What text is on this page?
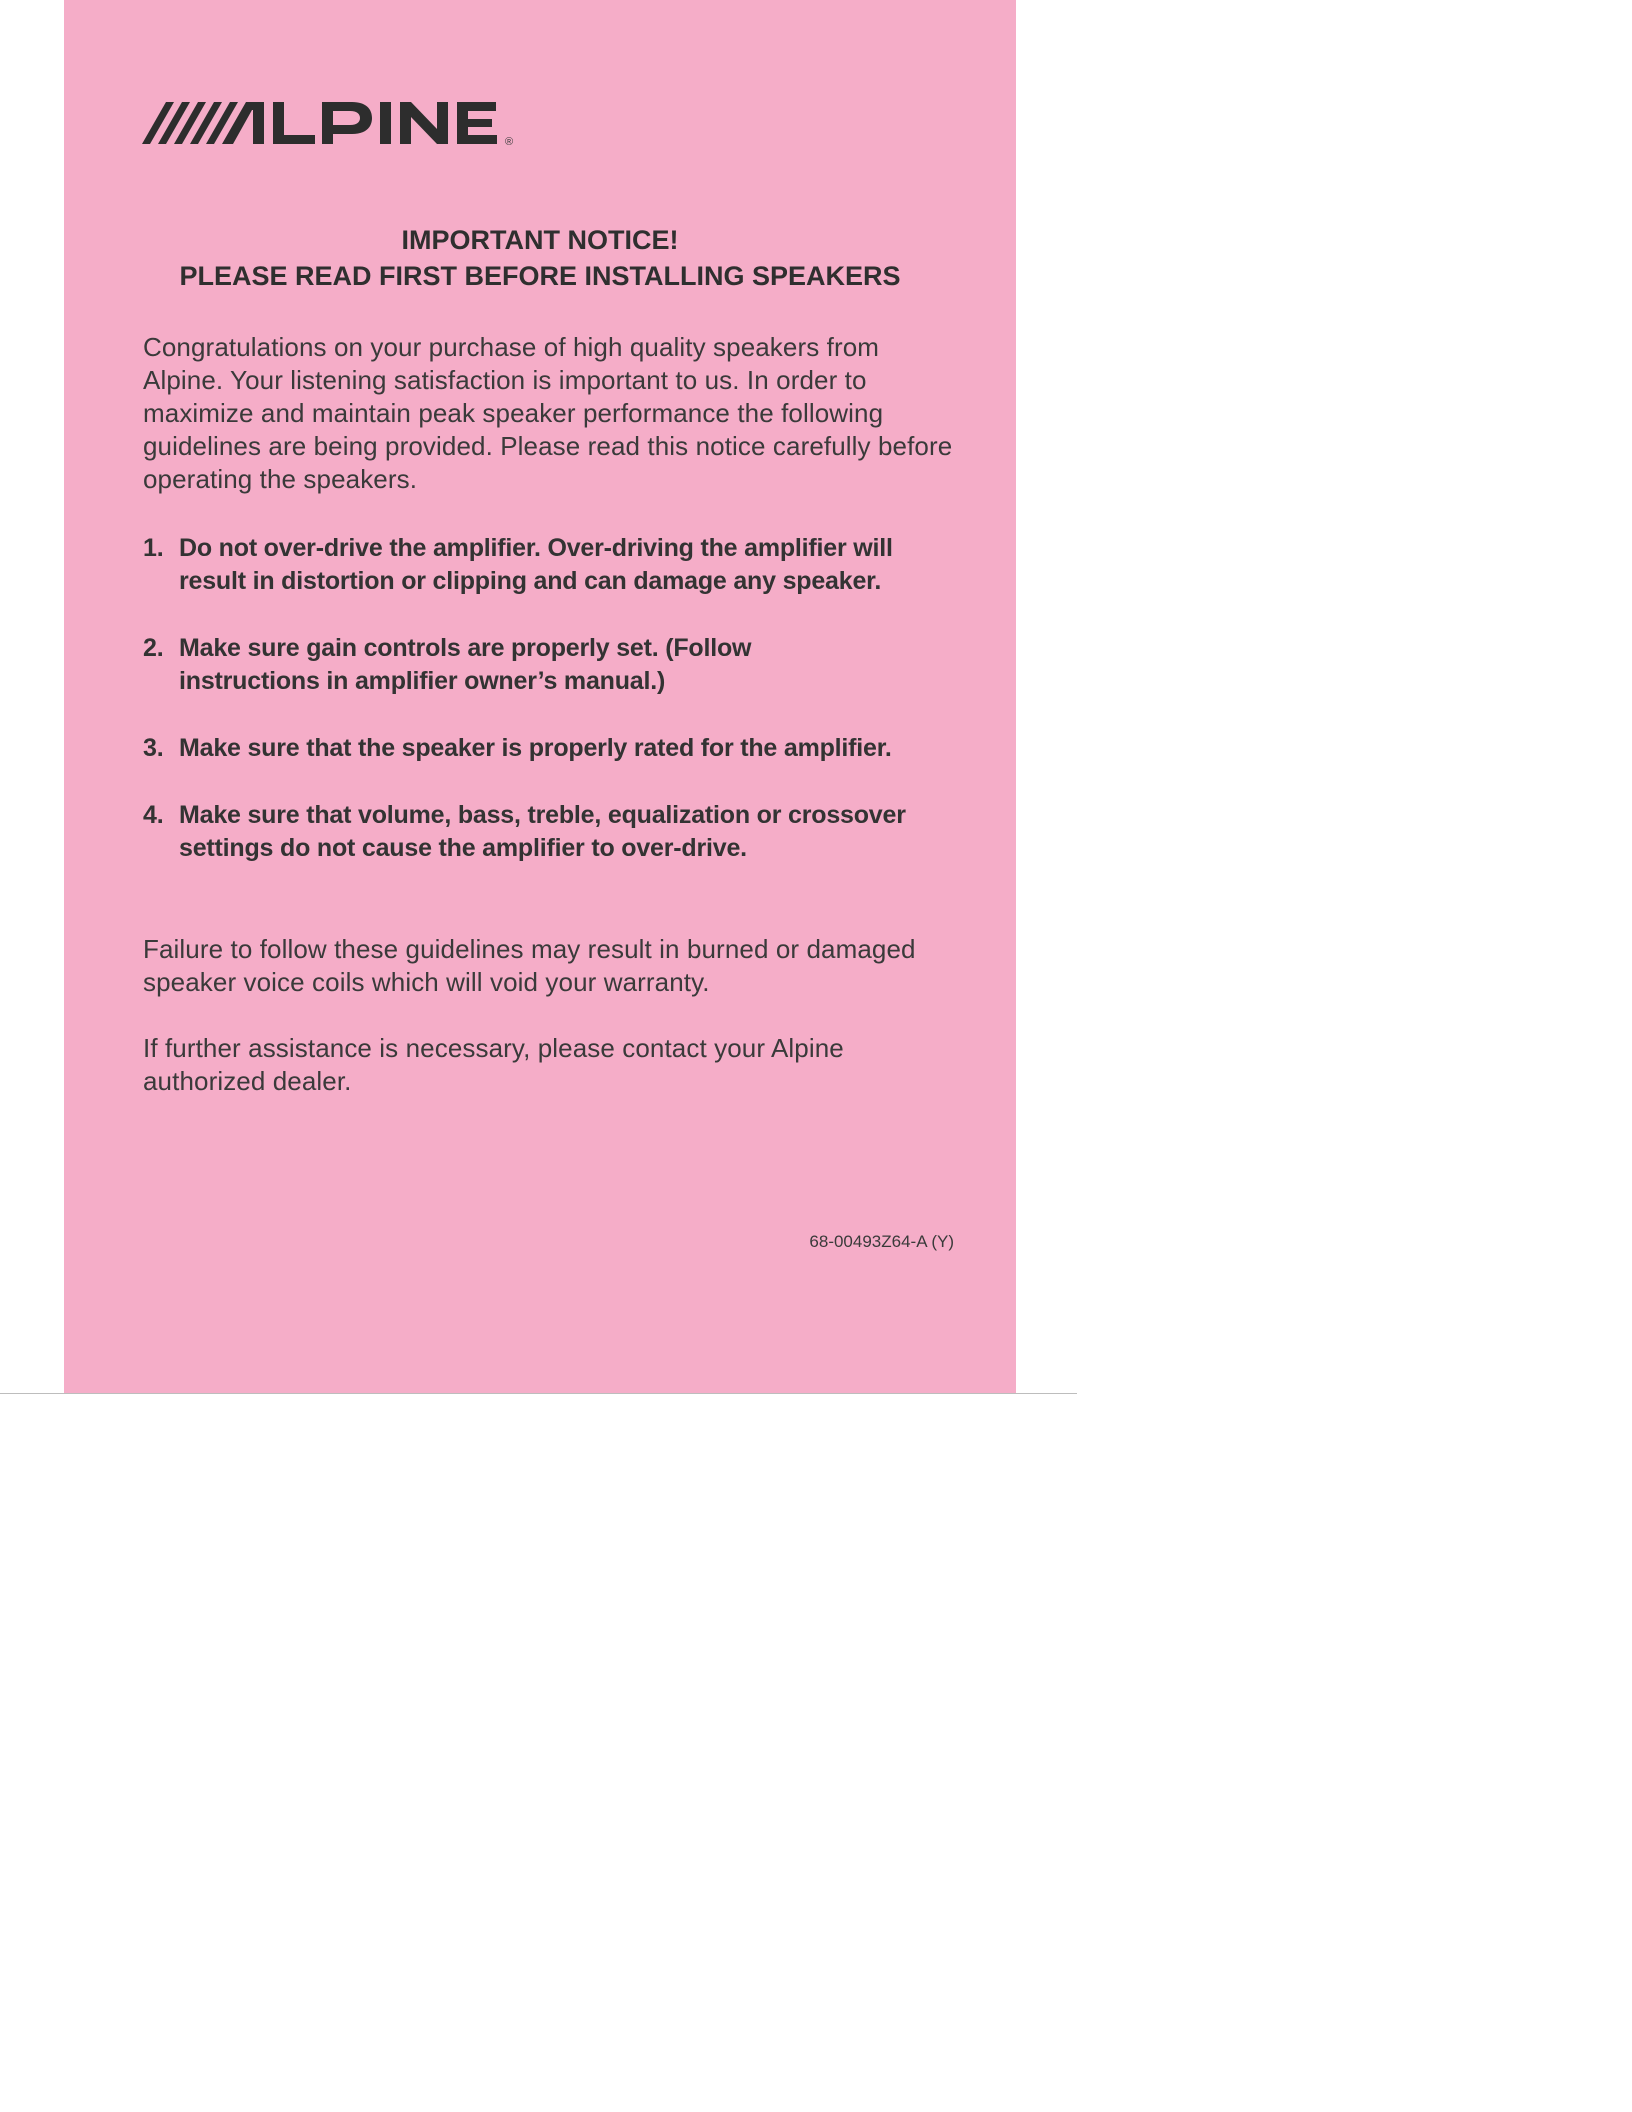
®
IMPORTANT NOTICE!
PLEASE READ FIRST BEFORE INSTALLING SPEAKERS

Congratulations on your purchase of high quality speakers from Alpine. Your listening satisfaction is important to us. In order to maximize and maintain peak speaker performance the following guidelines are being provided. Please read this notice carefully before operating the speakers.

1. Do not over-drive the amplifier. Over-driving the amplifier will result in distortion or clipping and can damage any speaker.
2. Make sure gain controls are properly set. (Follow instructions in amplifier owner’s manual.)
3. Make sure that the speaker is properly rated for the amplifier.
4. Make sure that volume, bass, treble, equalization or crossover settings do not cause the amplifier to over-drive.

Failure to follow these guidelines may result in burned or damaged speaker voice coils which will void your warranty.

If further assistance is necessary, please contact your Alpine authorized dealer.

68-00493Z64-A (Y)
